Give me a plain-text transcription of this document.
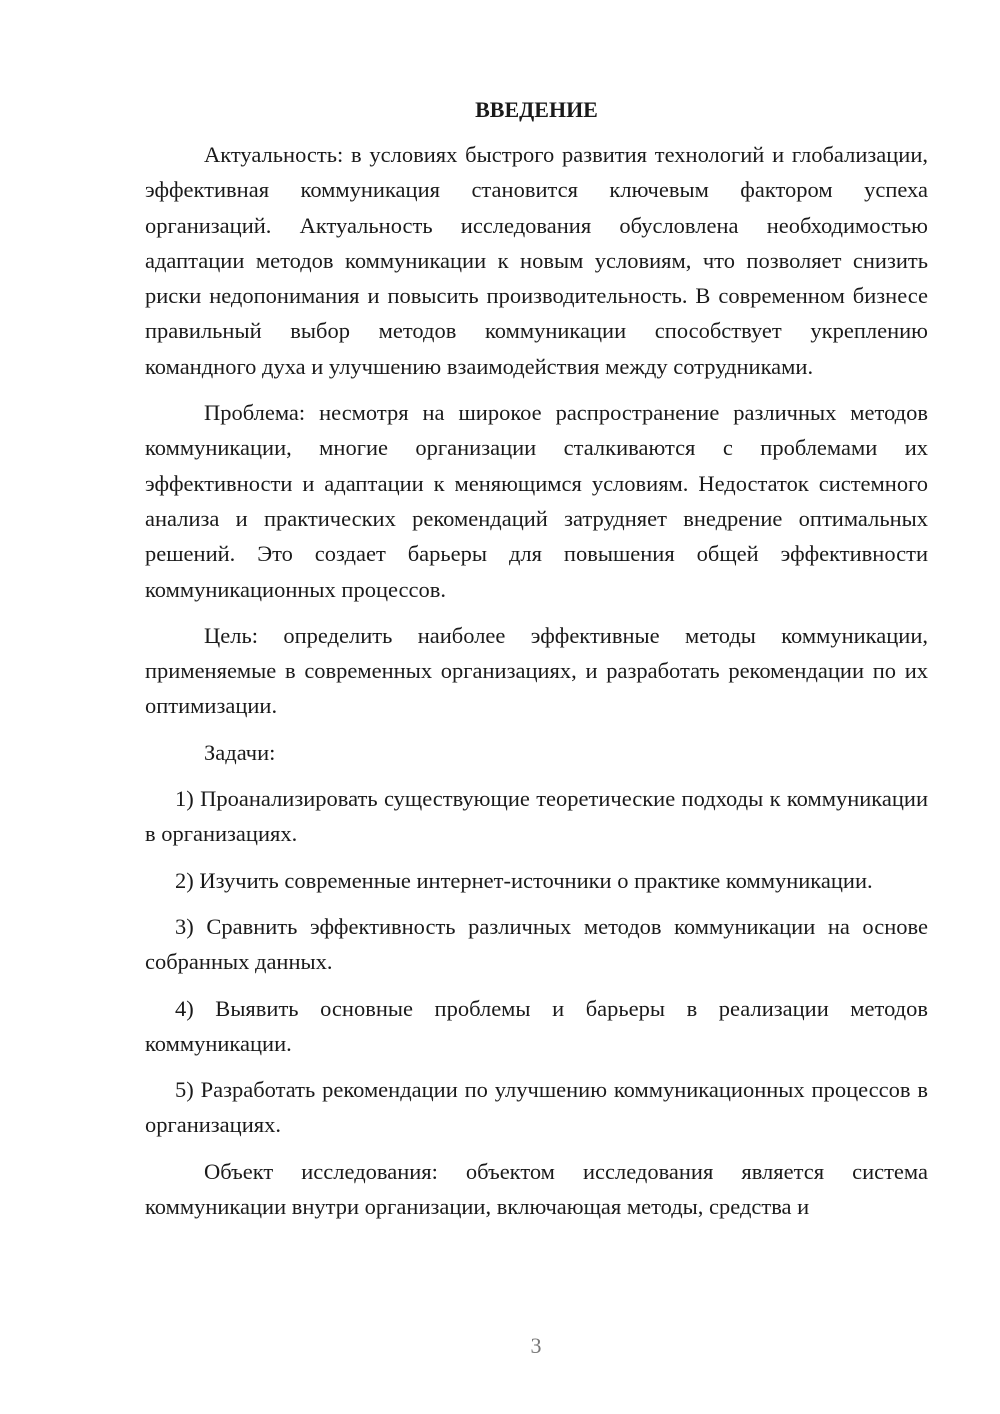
ВВЕДЕНИЕ

Актуальность: в условиях быстрого развития технологий и глобализации, эффективная коммуникация становится ключевым фактором успеха организаций. Актуальность исследования обусловлена необходимостью адаптации методов коммуникации к новым условиям, что позволяет снизить риски недопонимания и повысить производительность. В современном бизнесе правильный выбор методов коммуникации способствует укреплению командного духа и улучшению взаимодействия между сотрудниками.

Проблема: несмотря на широкое распространение различных методов коммуникации, многие организации сталкиваются с проблемами их эффективности и адаптации к меняющимся условиям. Недостаток системного анализа и практических рекомендаций затрудняет внедрение оптимальных решений. Это создает барьеры для повышения общей эффективности коммуникационных процессов.

Цель: определить наиболее эффективные методы коммуникации, применяемые в современных организациях, и разработать рекомендации по их оптимизации.

Задачи:

1) Проанализировать существующие теоретические подходы к коммуникации в организациях.

2) Изучить современные интернет-источники о практике коммуникации.

3) Сравнить эффективность различных методов коммуникации на основе собранных данных.

4) Выявить основные проблемы и барьеры в реализации методов коммуникации.

5) Разработать рекомендации по улучшению коммуникационных процессов в организациях.

Объект исследования: объектом исследования является система коммуникации внутри организации, включающая методы, средства и

3
